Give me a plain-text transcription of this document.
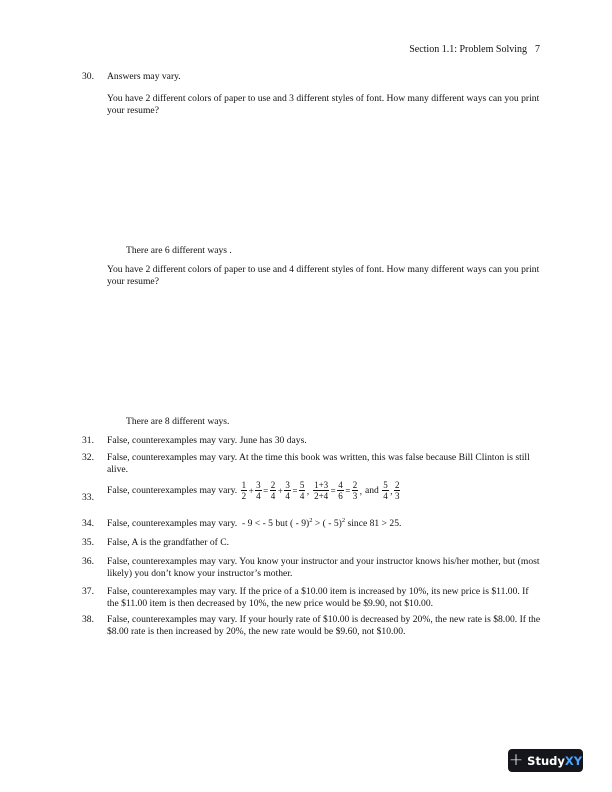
Section 1.1: Problem Solving 7
30. Answers may vary.
You have 2 different colors of paper to use and 3 different styles of font. How many different ways can you print your resume?
There are 6 different ways .
You have 2 different colors of paper to use and 4 different styles of font. How many different ways can you print your resume?
There are 8 different ways.
31. False, counterexamples may vary. June has 30 days.
32. False, counterexamples may vary. At the time this book was written, this was false because Bill Clinton is still alive.
33.
False, counterexamples may vary. $\frac{1}{2} + \frac{3}{4} = \frac{2}{4} + \frac{3}{4} = \frac{5}{4}$ , $\frac{1+3}{2+4} = \frac{4}{6} = \frac{2}{3}$ , and $\frac{5}{4}$ , $\frac{2}{3}$
34. False, counterexamples may vary. - 9 < - 5 but ( - 9)$^2$ > ( - 5)$^2$ since 81 > 25.
35. False, A is the grandfather of C.
36. False, counterexamples may vary. You know your instructor and your instructor knows his/her mother, but (most likely) you don’t know your instructor’s mother.
37. False, counterexamples may vary. If the price of a $10.00 item is increased by 10%, its new price is $11.00. If the $11.00 item is then decreased by 10%, the new price would be $9.90, not $10.00.
38. False, counterexamples may vary. If your hourly rate of $10.00 is decreased by 20%, the new rate is $8.00. If the $8.00 rate is then increased by 20%, the new rate would be $9.60, not $10.00.
+ Study XY
